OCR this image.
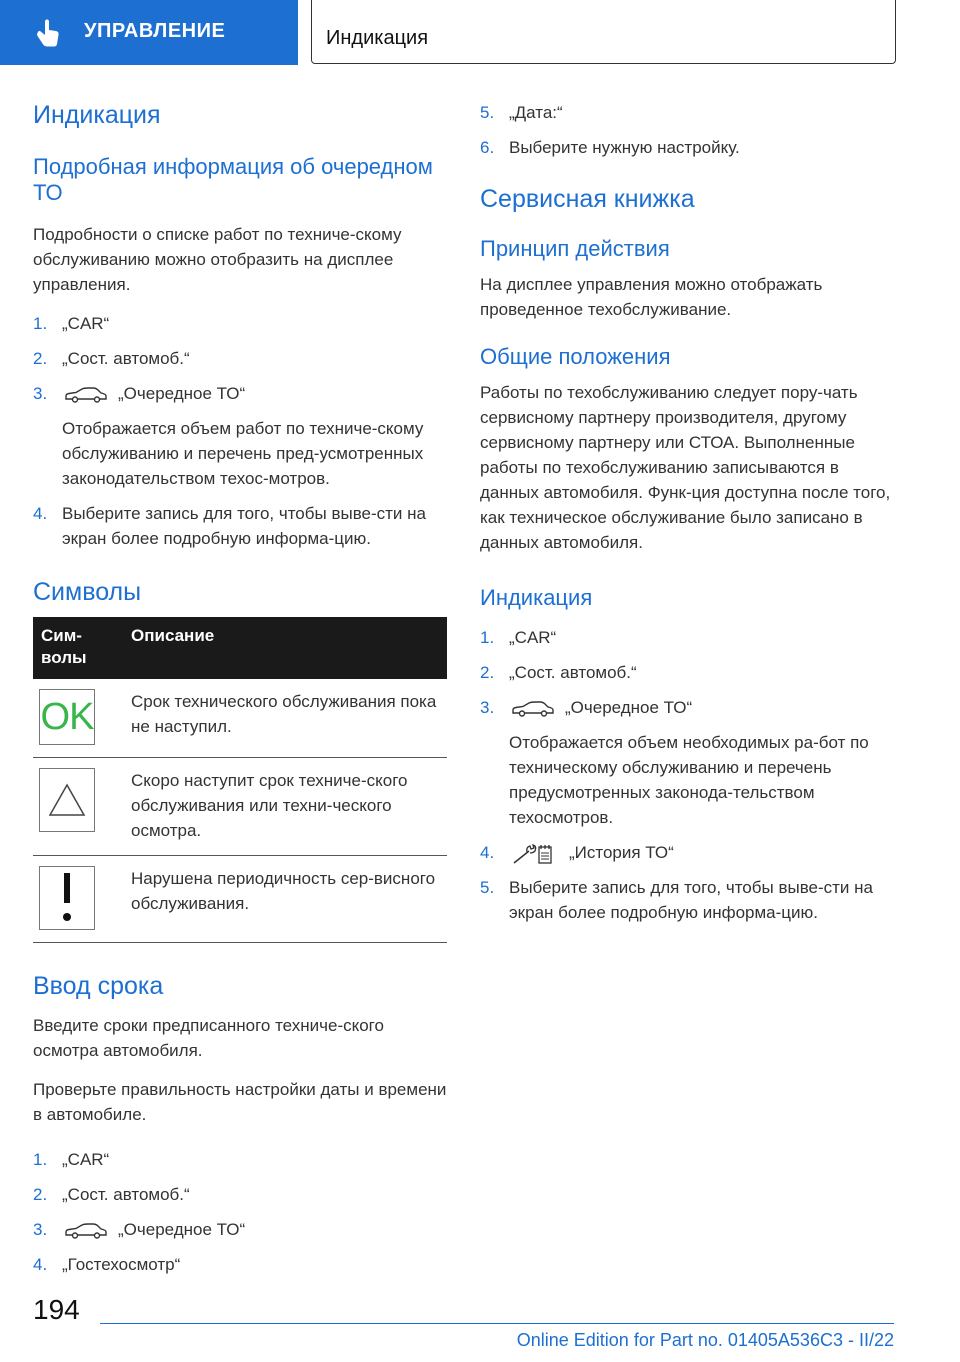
УПРАВЛЕНИЕ	Индикация
Индикация
Подробная информация об очередном ТО

Подробности о списке работ по техниче-скому обслуживанию можно отобразить на дисплее управления.

1. „CAR“
2. „Сост. автомоб.“
3.	„Очередное ТО“
Отображается объем работ по техниче-скому обслуживанию и перечень пред-усмотренных законодательством техос-мотров.
4. Выберите запись для того, чтобы выве-сти на экран более подробную информа-цию.
Символы
Сим-волы	Описание

OK	Срок технического обслуживания пока не наступил.

	Скоро наступит срок техниче-ского обслуживания или техни-ческого осмотра.

	Нарушена периодичность сер-висного обслуживания.
Ввод срока

Введите сроки предписанного техниче-ского осмотра автомобиля.

Проверьте правильность настройки даты и времени в автомобиле.

1. „CAR“
2. „Сост. автомоб.“
3.	„Очередное ТО“
4. „Гостехосмотр“
5. „Дата:“
6. Выберите нужную настройку.
Сервисная книжка
Принцип действия

На дисплее управления можно отображать проведенное техобслуживание.

Общие положения

Работы по техобслуживанию следует пору-чать сервисному партнеру производителя, другому сервисному партнеру или СТОА. Выполненные работы по техобслуживанию записываются в данных автомобиля. Функ-ция доступна после того, как техническое обслуживание было записано в данных автомобиля.

Индикация
1. „CAR“
2. „Сост. автомоб.“
3.	„Очередное ТО“
Отображается объем необходимых ра-бот по техническому обслуживанию и перечень предусмотренных законода-тельством техосмотров.
4.	„История ТО“
5. Выберите запись для того, чтобы выве-сти на экран более подробную информа-цию.
194
Online Edition for Part no. 01405A536C3 - II/22
